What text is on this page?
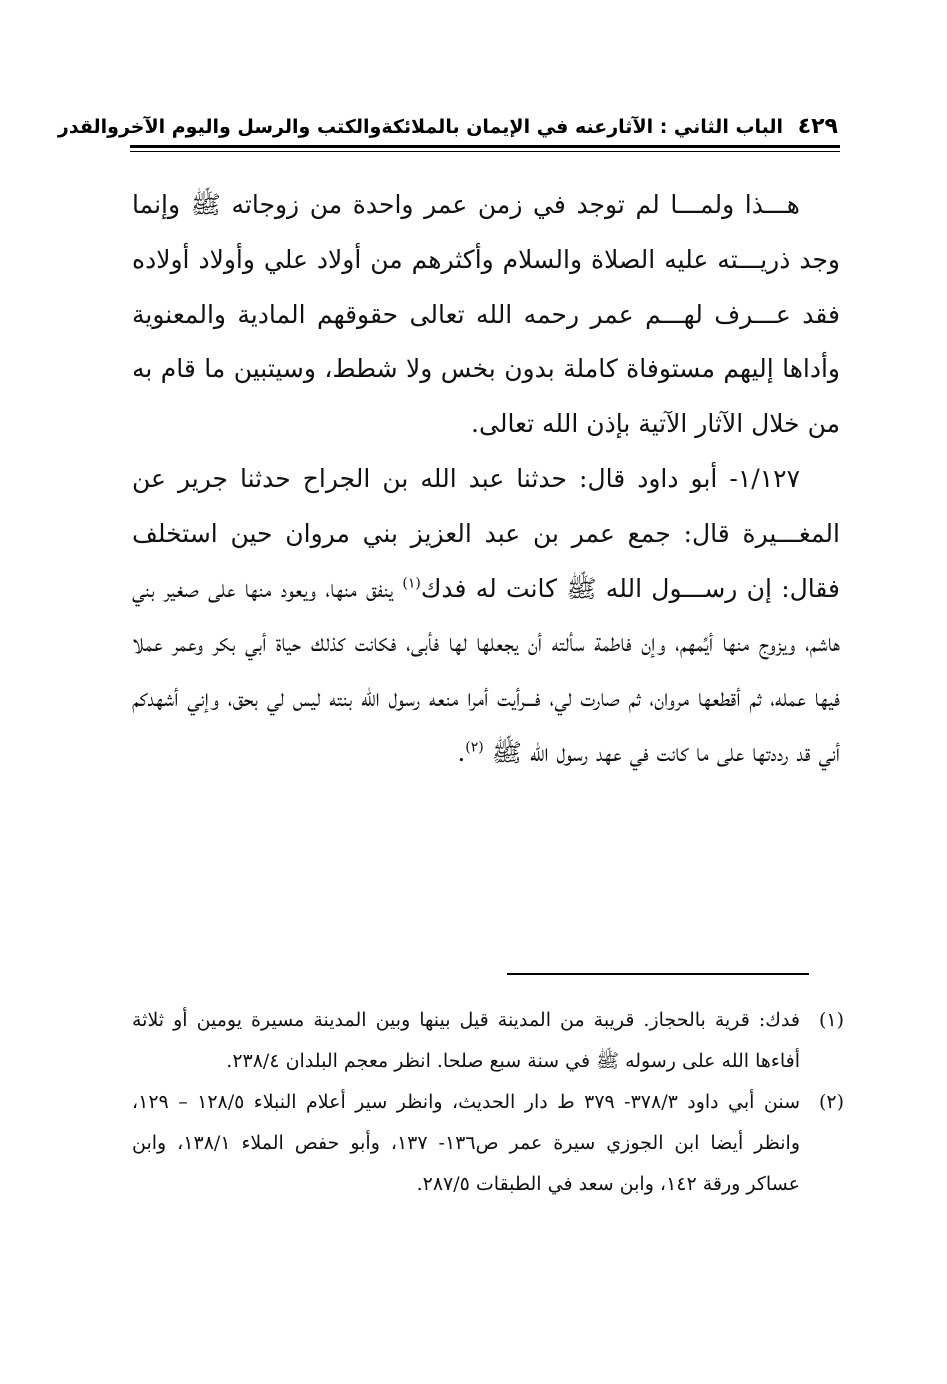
٤٢٩ الباب الثاني : الآثارعنه في الإيمان بالملائكةوالكتب والرسل واليوم الآخروالقدر

هـــذا ولمـــا لم توجد في زمن عمر واحدة من زوجاته ﷺ وإنما وجد ذريـــته عليه الصلاة والسلام وأكثرهم من أولاد علي وأولاد أولاده فقد عـــرف لهـــم عمر رحمه الله تعالى حقوقهم المادية والمعنوية وأداها إليهم مستوفاة كاملة بدون بخس ولا شطط، وسيتبين ما قام به من خلال الآثار الآتية بإذن الله تعالى.

١/١٢٧- أبو داود قال: حدثنا عبد الله بن الجراح حدثنا جرير عن المغـــيرة قال: جمع عمر بن عبد العزيز بني مروان حين استخلف فقال: إن رســـول الله ﷺ كانت له فدك$^{(١)}$ ينفق منها، ويعود منها على صغير بني هاشم، ويزوج منها أيِّمهم، وإن فاطمة سألته أن يجعلها لها فأبى، فكانت كذلك حياة أبي بكر وعمر عملا فيها عمله، ثم أقطعها مروان، ثم صارت لي، فـــرأيت أمرا منعه رسول الله بنته ليس لي بحق، وإني أشهدكم أني قد رددتها على ما كانت في عهد رسول الله ﷺ $^{(٢)}$.

(١)
فدك: قرية بالحجاز. قريبة من المدينة قيل بينها وبين المدينة مسيرة يومين أو ثلاثة أفاءها الله على رسوله ﷺ في سنة سبع صلحا. انظر معجم البلدان ٢٣٨/٤.
(٢)
سنن أبي داود ٣٧٨/٣- ٣٧٩ ط دار الحديث، وانظر سير أعلام النبلاء ١٢٨/٥ – ١٢٩، وانظر أيضا ابن الجوزي سيرة عمر ص١٣٦- ١٣٧، وأبو حفص الملاء ١٣٨/١، وابن عساكر ورقة ١٤٢، وابن سعد في الطبقات ٢٨٧/٥.
